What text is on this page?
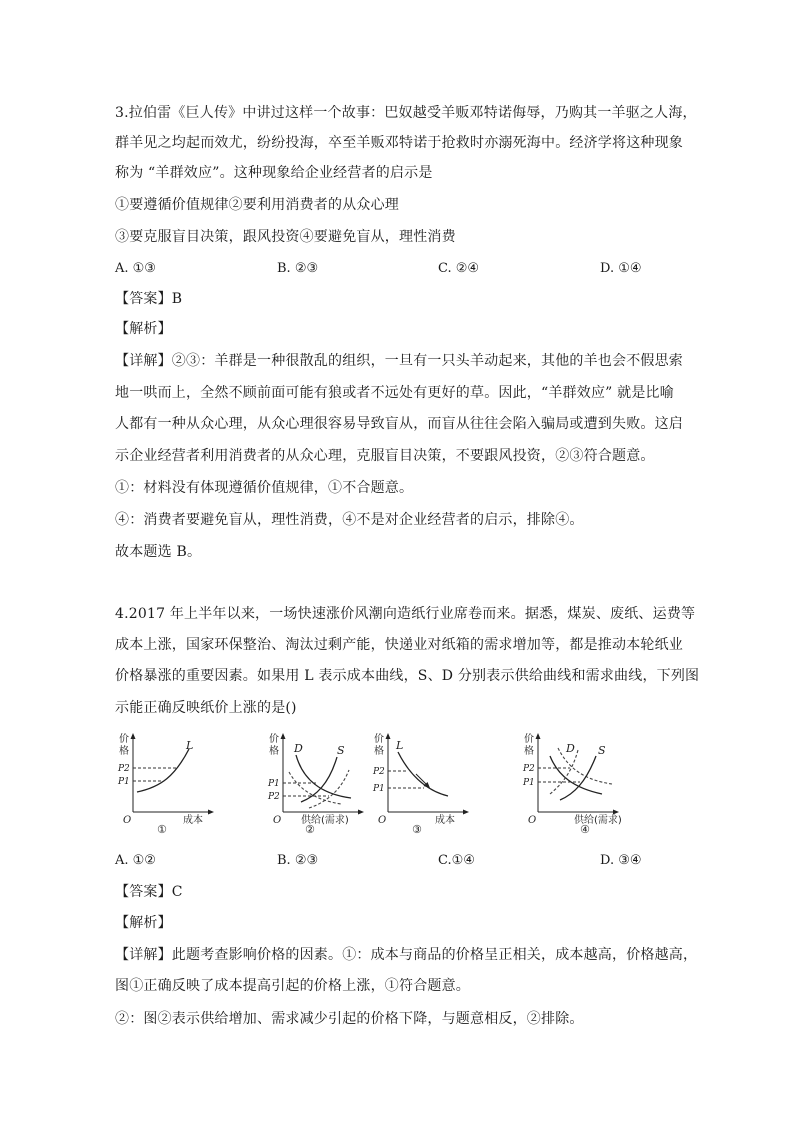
3.拉伯雷《巨人传》中讲过这样一个故事：巴奴越受羊贩邓特诺侮辱，乃购其一羊驱之人海，
群羊见之均起而效尤，纷纷投海，卒至羊贩邓特诺于抢救时亦溺死海中。经济学将这种现象
称为 “羊群效应”。这种现象给企业经营者的启示是
①要遵循价值规律②要利用消费者的从众心理
③要克服盲目决策，跟风投资④要避免盲从，理性消费
A. ①③	B. ②③	C. ②④	D. ①④
【答案】B
【解析】
【详解】②③：羊群是一种很散乱的组织，一旦有一只头羊动起来，其他的羊也会不假思索
地一哄而上，全然不顾前面可能有狼或者不远处有更好的草。因此，“羊群效应” 就是比喻
人都有一种从众心理，从众心理很容易导致盲从，而盲从往往会陷入骗局或遭到失败。这启
示企业经营者利用消费者的从众心理，克服盲目决策，不要跟风投资，②③符合题意。
①：材料没有体现遵循价值规律，①不合题意。
④：消费者要避免盲从，理性消费，④不是对企业经营者的启示，排除④。
故本题选 B。
4.2017 年上半年以来，一场快速涨价风潮向造纸行业席卷而来。据悉，煤炭、废纸、运费等
成本上涨，国家环保整治、淘汰过剩产能，快递业对纸箱的需求增加等，都是推动本轮纸业
价格暴涨的重要因素。如果用 L 表示成本曲线，S、D 分别表示供给曲线和需求曲线，下列图
示能正确反映纸价上涨的是()
价
格	L
P2
P1
O	成本
①
价
格 D	S
P1
P2
O 供给(需求)
②
价
格 L
P2
P1
O	成本
③
价
格	D S
P2
P1
O	供给(需求)
④
A. ①②	B. ②③	C.①④	D. ③④
【答案】C
【解析】
【详解】此题考查影响价格的因素。①：成本与商品的价格呈正相关，成本越高，价格越高，
图①正确反映了成本提高引起的价格上涨，①符合题意。
②：图②表示供给增加、需求减少引起的价格下降，与题意相反，②排除。
